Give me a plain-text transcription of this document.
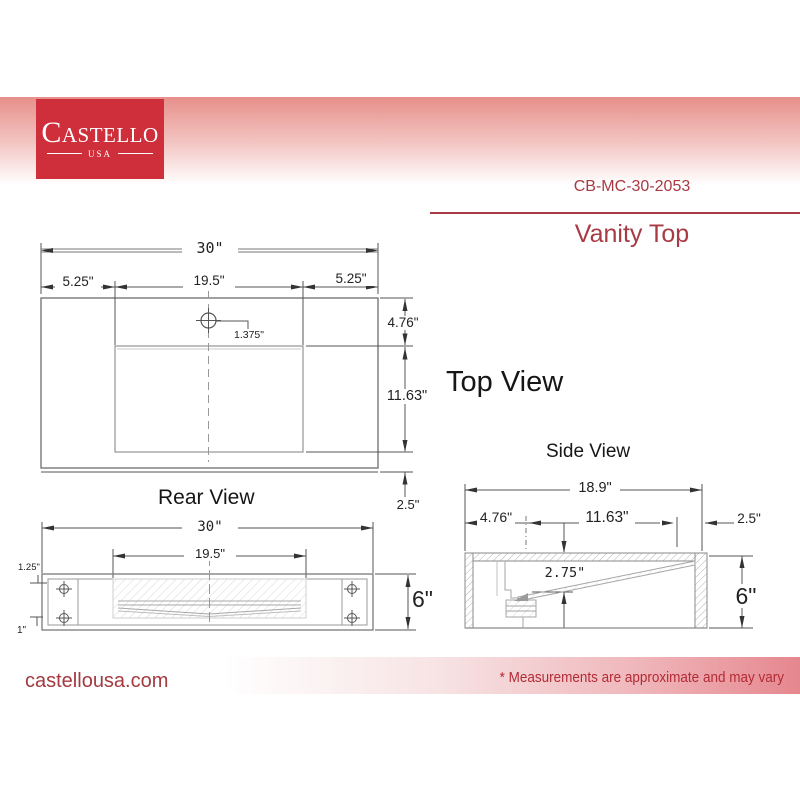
CASTELLO
USA
CB-MC-30-2053
Vanity Top
30"
5.25"	19.5"	5.25"
1.375"
4.76"
11.63"
2.5"
Top View
Rear View
30"
19.5"
1.25"
1"
6"
Side View
18.9"
4.76"	11.63"	2.5"
2.75"
6"
castellousa.com	* Measurements are approximate and may vary
